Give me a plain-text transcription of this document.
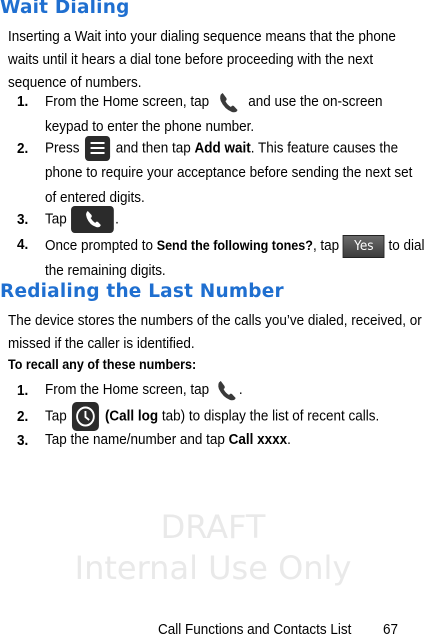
Wait Dialing
Inserting a Wait into your dialing sequence means that the phone waits until it hears a dial tone before proceeding with the next sequence of numbers.
1. From the Home screen, tap	and use the on-screen keypad to enter the phone number.
2. Press	and then tap Add wait. This feature causes the phone to require your acceptance before sending the next set of entered digits.
3. Tap	.
4. Once prompted to Send the following tones?, tap Yes to dial the remaining digits.
Redialing the Last Number
The device stores the numbers of the calls you’ve dialed, received, or missed if the caller is identified.
To recall any of these numbers:
1. From the Home screen, tap .
2. Tap	(Call log tab) to display the list of recent calls.
3. Tap the name/number and tap Call xxxx.
DRAFT
Internal Use Only
Call Functions and Contacts List 67
